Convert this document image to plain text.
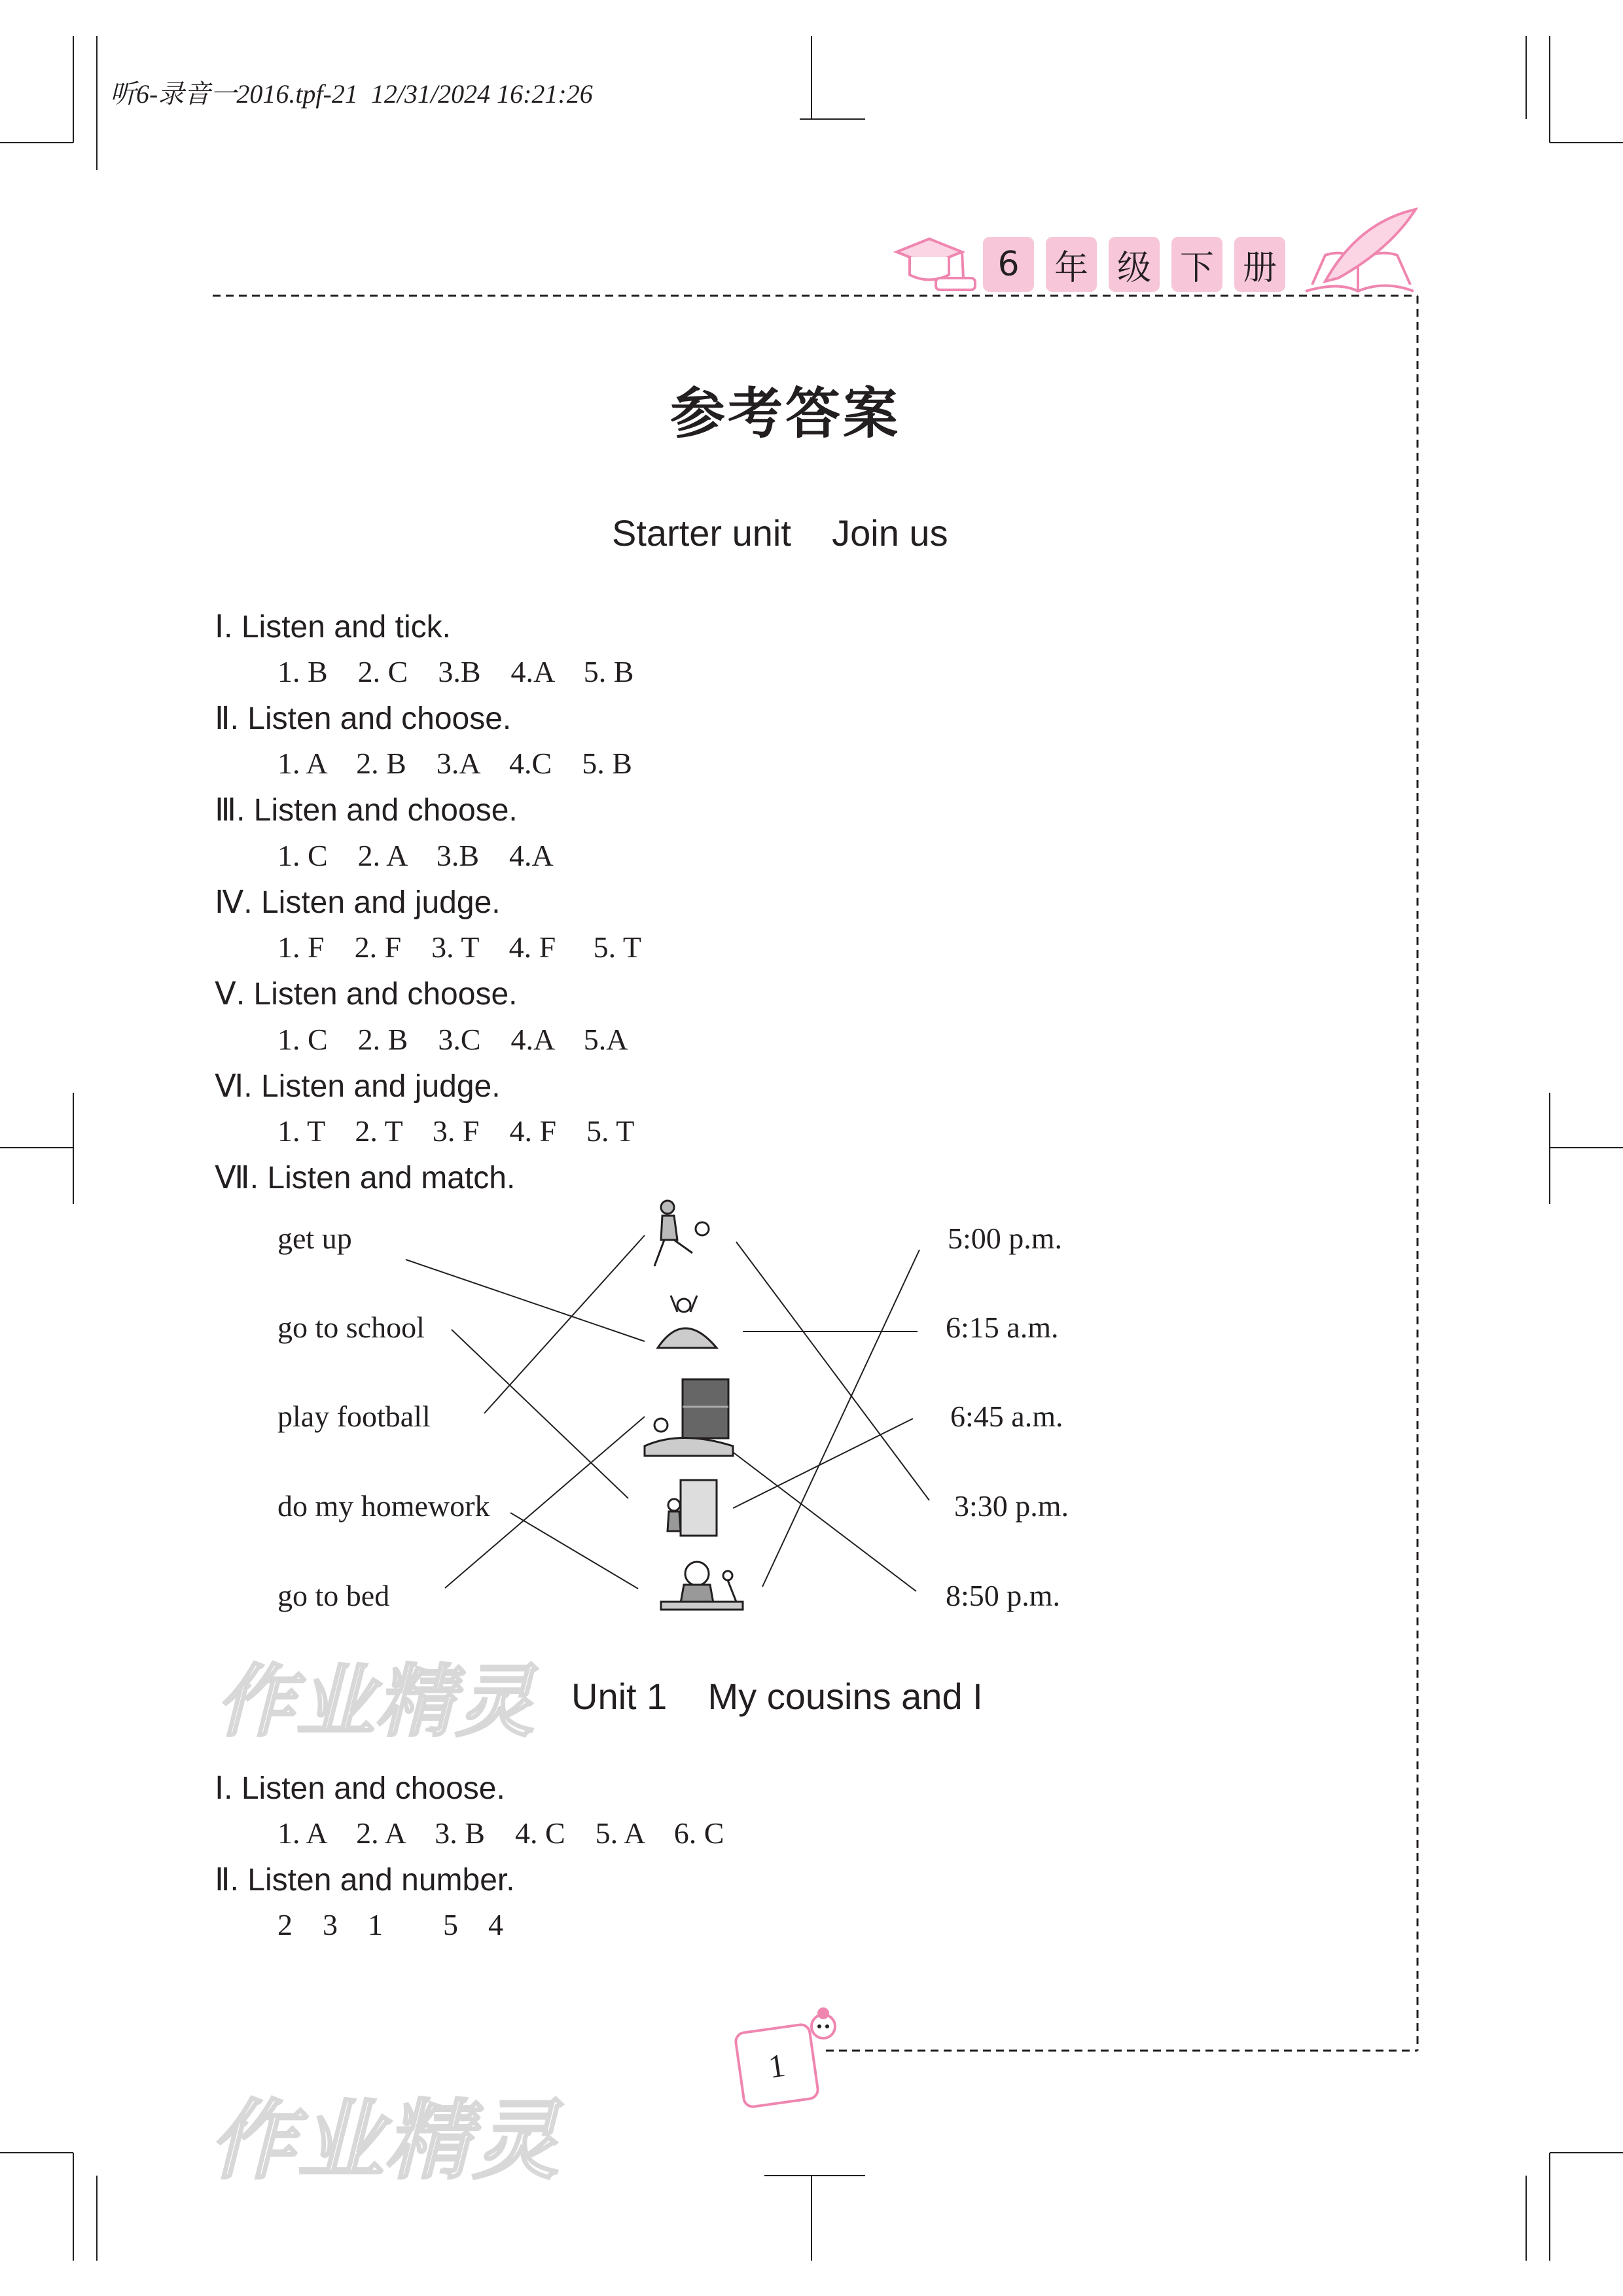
听6-录音一2016.tpf-21  12/31/2024 16:21:26
6	年 级 下 册
参考答案
Starter unit    Join us
Ⅰ. Listen and tick.
1. B    2. C    3.B    4.A    5. B
Ⅱ. Listen and choose.
1. A    2. B    3.A    4.C    5. B
Ⅲ. Listen and choose.
1. C    2. A    3.B    4.A
Ⅳ. Listen and judge.
1. F    2. F    3. T    4. F     5. T
Ⅴ. Listen and choose.
1. C    2. B    3.C    4.A    5.A
Ⅵ. Listen and judge.
1. T    2. T    3. F    4. F    5. T
Ⅶ. Listen and match.
get up
go to school
play football
do my homework
go to bed
5:00 p.m.
6:15 a.m.
6:45 a.m.
3:30 p.m.
8:50 p.m.
作业精灵 Unit 1    My cousins and I
Ⅰ. Listen and choose.
1. A    2. A    3. B    4. C    5. A    6. C
Ⅱ. Listen and number.
2    3    1        5    4
1
作业精灵
